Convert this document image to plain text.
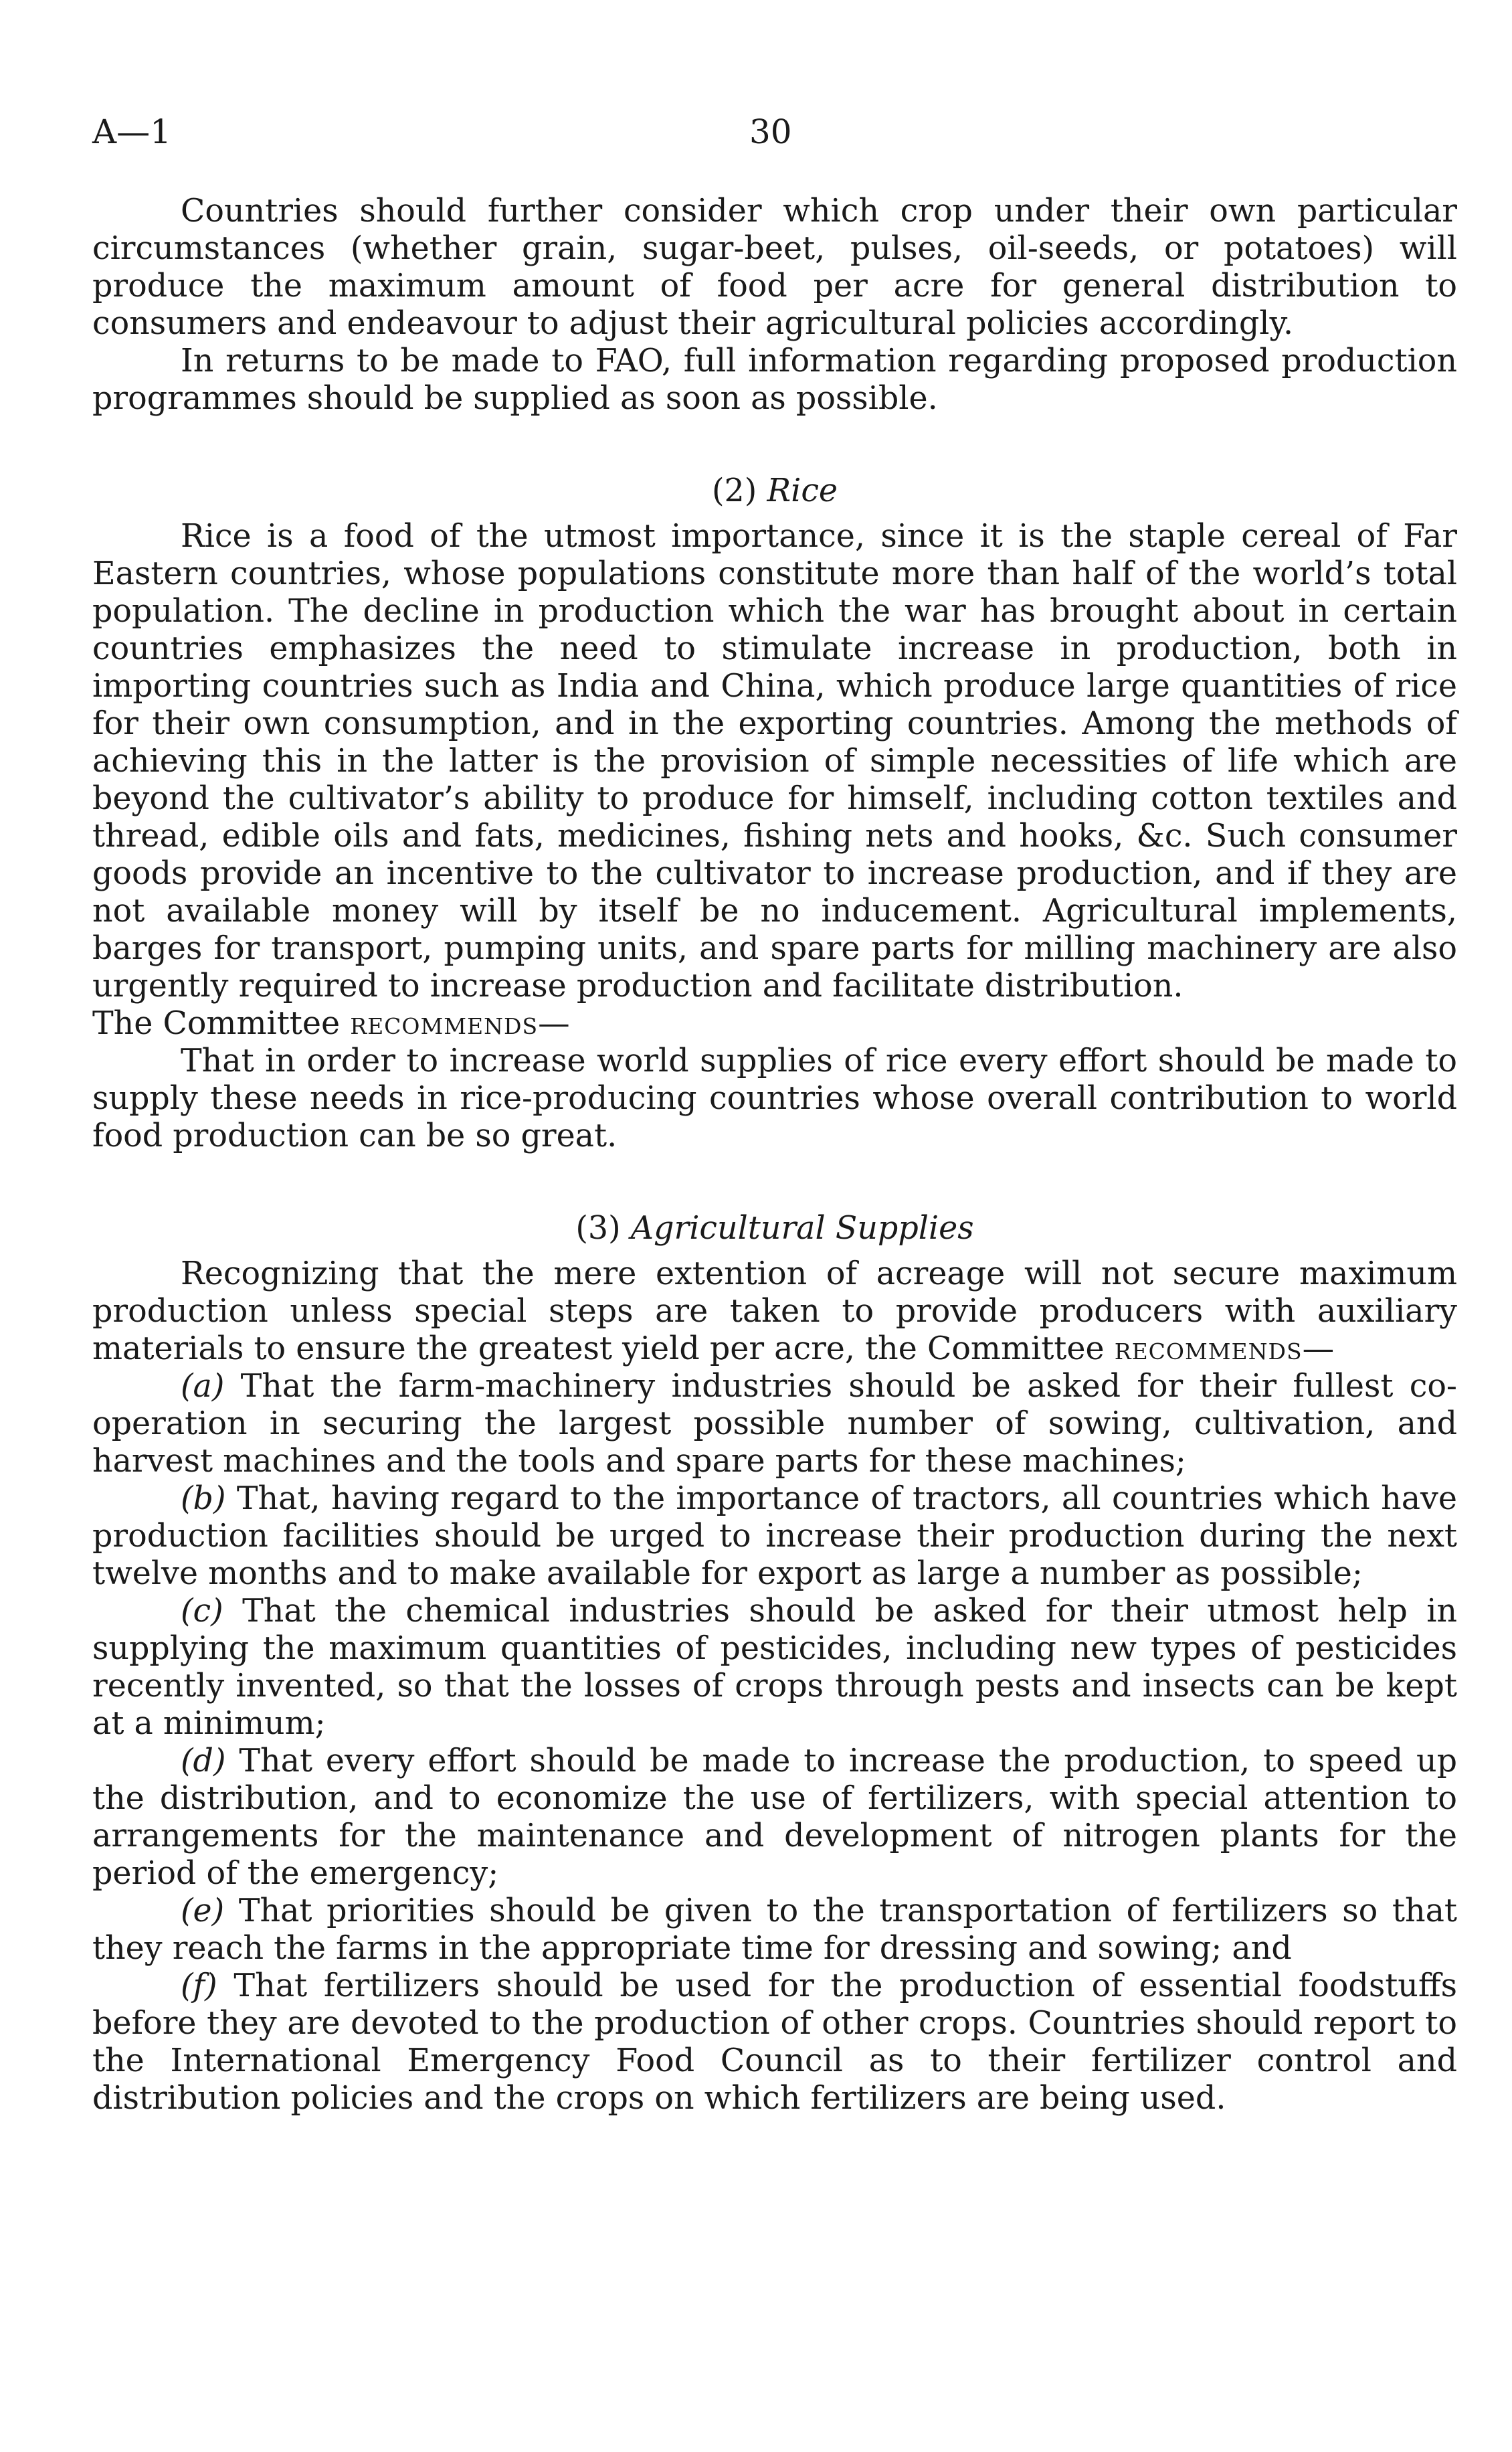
A—1	30

Countries should further consider which crop under their own particular circumstances (whether grain, sugar-beet, pulses, oil-seeds, or potatoes) will produce the maximum amount of food per acre for general distribution to consumers and endeavour to adjust their agricultural policies accordingly.

In returns to be made to FAO, full information regarding proposed production programmes should be supplied as soon as possible.

(2) Rice

Rice is a food of the utmost importance, since it is the staple cereal of Far Eastern countries, whose populations constitute more than half of the world’s total population. The decline in production which the war has brought about in certain countries emphasizes the need to stimulate increase in production, both in importing countries such as India and China, which produce large quantities of rice for their own consumption, and in the exporting countries. Among the methods of achieving this in the latter is the provision of simple necessities of life which are beyond the cultivator’s ability to produce for himself, including cotton textiles and thread, edible oils and fats, medicines, fishing nets and hooks, &c. Such consumer goods provide an incentive to the cultivator to increase production, and if they are not available money will by itself be no inducement. Agricultural implements, barges for transport, pumping units, and spare parts for milling machinery are also urgently required to increase production and facilitate distribution.

The Committee recommends—

That in order to increase world supplies of rice every effort should be made to supply these needs in rice-producing countries whose overall contribution to world food production can be so great.

(3) Agricultural Supplies

Recognizing that the mere extention of acreage will not secure maximum production unless special steps are taken to provide producers with auxiliary materials to ensure the greatest yield per acre, the Committee recommends—

(a) That the farm-machinery industries should be asked for their fullest co-operation in securing the largest possible number of sowing, cultivation, and harvest machines and the tools and spare parts for these machines;

(b) That, having regard to the importance of tractors, all countries which have production facilities should be urged to increase their production during the next twelve months and to make available for export as large a number as possible;

(c) That the chemical industries should be asked for their utmost help in supplying the maximum quantities of pesticides, including new types of pesticides recently invented, so that the losses of crops through pests and insects can be kept at a minimum;

(d) That every effort should be made to increase the production, to speed up the distribution, and to economize the use of fertilizers, with special attention to arrangements for the maintenance and development of nitrogen plants for the period of the emergency;

(e) That priorities should be given to the transportation of fertilizers so that they reach the farms in the appropriate time for dressing and sowing; and

(f) That fertilizers should be used for the production of essential foodstuffs before they are devoted to the production of other crops. Countries should report to the International Emergency Food Council as to their fertilizer control and distribution policies and the crops on which fertilizers are being used.
